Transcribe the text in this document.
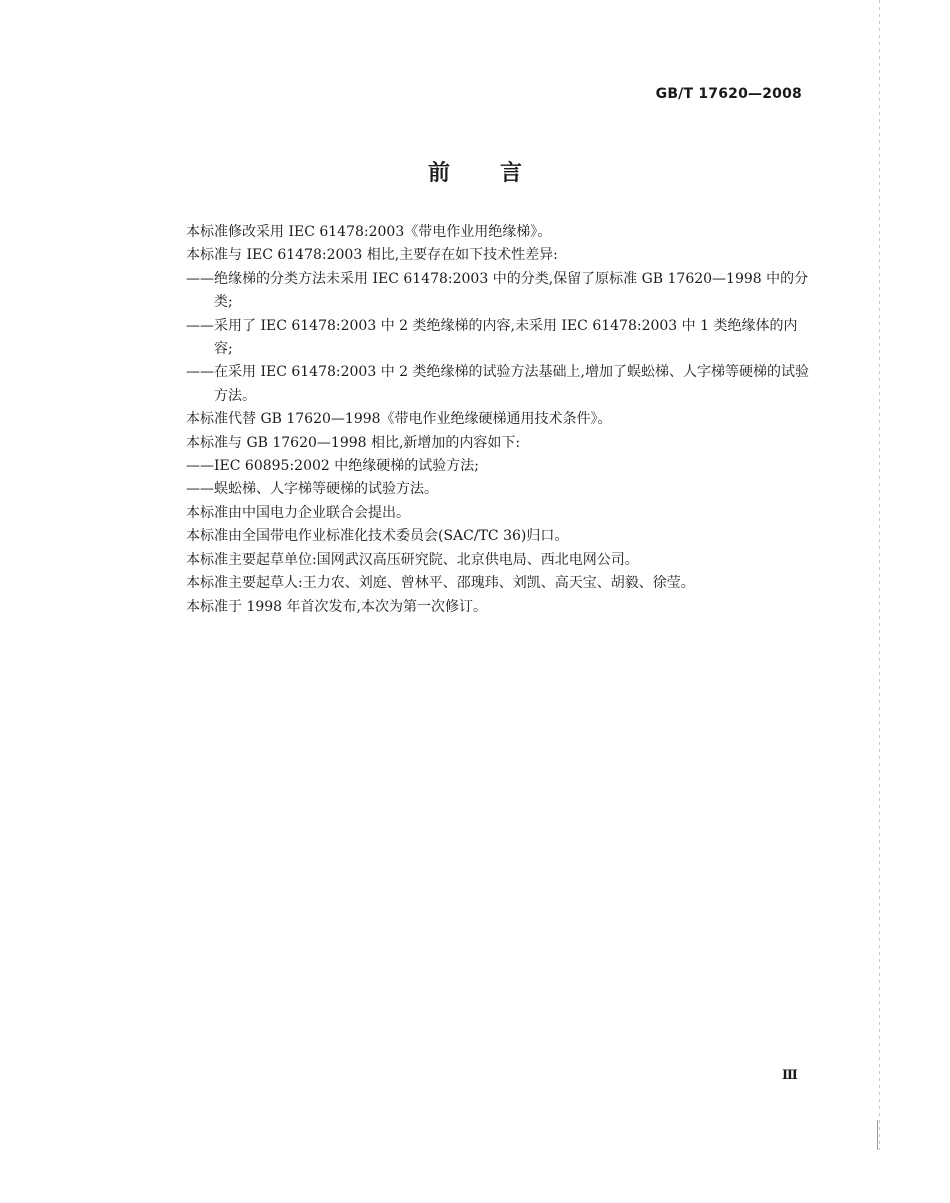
GB/T 17620—2008
前 言

本标准修改采用 IEC 61478:2003《带电作业用绝缘梯》。

本标准与 IEC 61478:2003 相比,主要存在如下技术性差异:

——绝缘梯的分类方法未采用 IEC 61478:2003 中的分类,保留了原标准 GB 17620—1998 中的分类;

——采用了 IEC 61478:2003 中 2 类绝缘梯的内容,未采用 IEC 61478:2003 中 1 类绝缘体的内容;

——在采用 IEC 61478:2003 中 2 类绝缘梯的试验方法基础上,增加了蜈蚣梯、人字梯等硬梯的试验方法。

本标准代替 GB 17620—1998《带电作业绝缘硬梯通用技术条件》。

本标准与 GB 17620—1998 相比,新增加的内容如下:

——IEC 60895:2002 中绝缘硬梯的试验方法;

——蜈蚣梯、人字梯等硬梯的试验方法。

本标准由中国电力企业联合会提出。

本标准由全国带电作业标准化技术委员会(SAC/TC 36)归口。

本标准主要起草单位:国网武汉高压研究院、北京供电局、西北电网公司。

本标准主要起草人:王力农、刘庭、曾林平、邵瑰玮、刘凯、高天宝、胡毅、徐莹。

本标准于 1998 年首次发布,本次为第一次修订。

Ⅲ
